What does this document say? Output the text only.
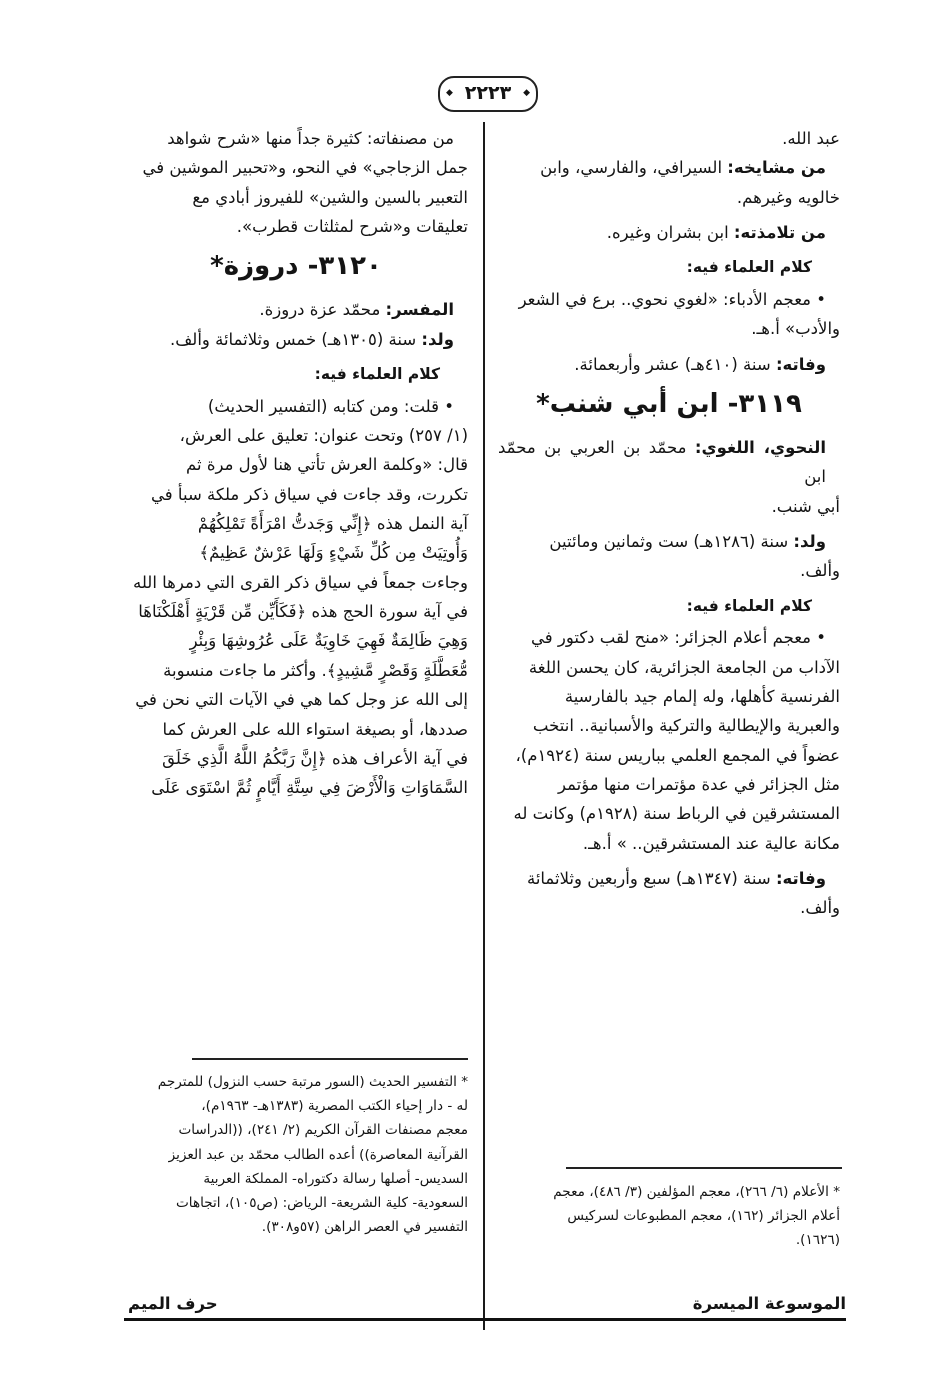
◆ ٢٢٢٣ ◆

عبد الله.

من مشايخه: السيرافي، والفارسي، وابن

خالويه وغيرهم.

من تلامذته: ابن بشران وغيره.

كلام العلماء فيه:

• معجم الأدباء: «لغوي نحوي.. برع في الشعر

والأدب» أ.هـ.

وفاته: سنة (٤١٠هـ) عشر وأربعمائة.

٣١١٩- ابن أبي شنب*

النحوي، اللغوي: محمّد بن العربي بن محمّد ابن

أبي شنب.

ولد: سنة (١٢٨٦هـ) ست وثمانين ومائتين

وألف.

كلام العلماء فيه:

• معجم أعلام الجزائر: «منح لقب دكتور في

الآداب من الجامعة الجزائرية، كان يحسن اللغة

الفرنسية كأهلها، وله إلمام جيد بالفارسية

والعبرية والإيطالية والتركية والأسبانية.. انتخب

عضواً في المجمع العلمي بباريس سنة (١٩٢٤م)،

مثل الجزائر في عدة مؤتمرات منها مؤتمر

المستشرقين في الرباط سنة (١٩٢٨م) وكانت له

مكانة عالية عند المستشرقين.. » أ.هـ.

وفاته: سنة (١٣٤٧هـ) سبع وأربعين وثلاثمائة

وألف.

* الأعلام (٦/ ٢٦٦)، معجم المؤلفين (٣/ ٤٨٦)، معجم
أعلام الجزائر (١٦٢)، معجم المطبوعات لسركيس
(١٦٢٦).

من مصنفاته: كثيرة جداً منها «شرح شواهد

جمل الزجاجي» في النحو، و«تحبير الموشين في

التعبير بالسين والشين» للفيروز أبادي مع

تعليقات و«شرح لمثلثات قطرب».

٣١٢٠- دروزة*

المفسر: محمّد عزة دروزة.

ولد: سنة (١٣٠٥هـ) خمس وثلاثمائة وألف.

كلام العلماء فيه:

• قلت: ومن كتابه (التفسير الحديث)

(١/ ٢٥٧) وتحت عنوان: تعليق على العرش،

قال: «وكلمة العرش تأتي هنا لأول مرة ثم

تكررت، وقد جاءت في سياق ذكر ملكة سبأ في

آية النمل هذه ﴿إِنِّي وَجَدتُّ امْرَأَةً تَمْلِكُهُمْ

وَأُوتِيَتْ مِن كُلِّ شَيْءٍ وَلَهَا عَرْشٌ عَظِيمٌ﴾

وجاءت جمعاً في سياق ذكر القرى التي دمرها الله

في آية سورة الحج هذه ﴿فَكَأَيِّن مِّن قَرْيَةٍ أَهْلَكْنَاهَا

وَهِيَ ظَالِمَةٌ فَهِيَ خَاوِيَةٌ عَلَى عُرُوشِهَا وَبِئْرٍ

مُّعَطَّلَةٍ وَقَصْرٍ مَّشِيدٍ﴾. وأكثر ما جاءت منسوبة

إلى الله عز وجل كما هي في الآيات التي نحن في

صددها، أو بصيغة استواء الله على العرش كما

في آية الأعراف هذه ﴿إِنَّ رَبَّكُمُ اللَّهُ الَّذِي خَلَقَ

السَّمَاوَاتِ وَالْأَرْضَ فِي سِتَّةِ أَيَّامٍ ثُمَّ اسْتَوَى عَلَى

* التفسير الحديث (السور مرتبة حسب النزول) للمترجم
له - دار إحياء الكتب المصرية (١٣٨٣هـ- ١٩٦٣م)،
معجم مصنفات القرآن الكريم (٢/ ٢٤١)، ((الدراسات
القرآنية المعاصرة)) أعده الطالب محمّد بن عبد العزيز
السديس- أصلها رسالة دكتوراه- المملكة العربية
السعودية- كلية الشريعة- الرياض: (ص١٠٥)، اتجاهات
التفسير في العصر الراهن (٥٧و٣٠٨).
الموسوعة الميسرة
حرف الميم
